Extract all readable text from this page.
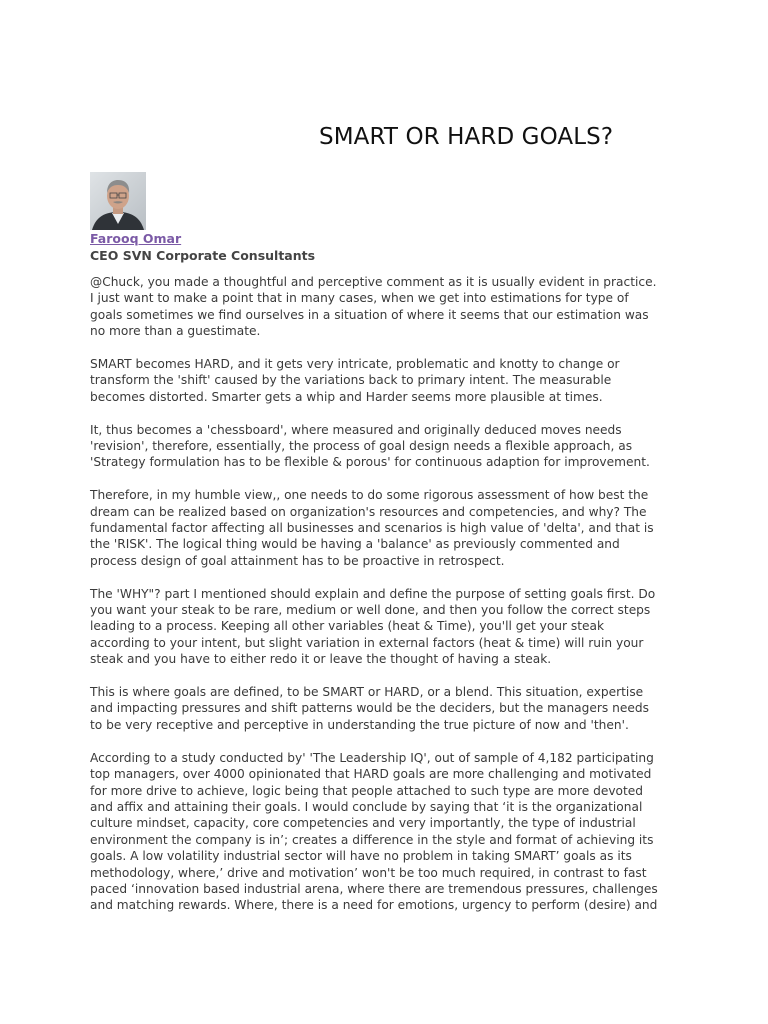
SMART OR HARD GOALS?
Farooq Omar
CEO SVN Corporate Consultants

@Chuck, you made a thoughtful and perceptive comment as it is usually evident in practice.
I just want to make a point that in many cases, when we get into estimations for type of
goals sometimes we find ourselves in a situation of where it seems that our estimation was
no more than a guestimate.

SMART becomes HARD, and it gets very intricate, problematic and knotty to change or
transform the 'shift' caused by the variations back to primary intent. The measurable
becomes distorted. Smarter gets a whip and Harder seems more plausible at times.

It, thus becomes a 'chessboard', where measured and originally deduced moves needs
'revision', therefore, essentially, the process of goal design needs a flexible approach, as
'Strategy formulation has to be flexible & porous' for continuous adaption for improvement.

Therefore, in my humble view,, one needs to do some rigorous assessment of how best the
dream can be realized based on organization's resources and competencies, and why? The
fundamental factor affecting all businesses and scenarios is high value of 'delta', and that is
the 'RISK'. The logical thing would be having a 'balance' as previously commented and
process design of goal attainment has to be proactive in retrospect.

The 'WHY"? part I mentioned should explain and define the purpose of setting goals first. Do
you want your steak to be rare, medium or well done, and then you follow the correct steps
leading to a process. Keeping all other variables (heat & Time), you'll get your steak
according to your intent, but slight variation in external factors (heat & time) will ruin your
steak and you have to either redo it or leave the thought of having a steak.

This is where goals are defined, to be SMART or HARD, or a blend. This situation, expertise
and impacting pressures and shift patterns would be the deciders, but the managers needs
to be very receptive and perceptive in understanding the true picture of now and 'then'.

According to a study conducted by' 'The Leadership IQ', out of sample of 4,182 participating
top managers, over 4000 opinionated that HARD goals are more challenging and motivated
for more drive to achieve, logic being that people attached to such type are more devoted
and affix and attaining their goals. I would conclude by saying that ‘it is the organizational
culture mindset, capacity, core competencies and very importantly, the type of industrial
environment the company is in’; creates a difference in the style and format of achieving its
goals. A low volatility industrial sector will have no problem in taking SMART’ goals as its
methodology, where,’ drive and motivation’ won't be too much required, in contrast to fast
paced ‘innovation based industrial arena, where there are tremendous pressures, challenges
and matching rewards. Where, there is a need for emotions, urgency to perform (desire) and
